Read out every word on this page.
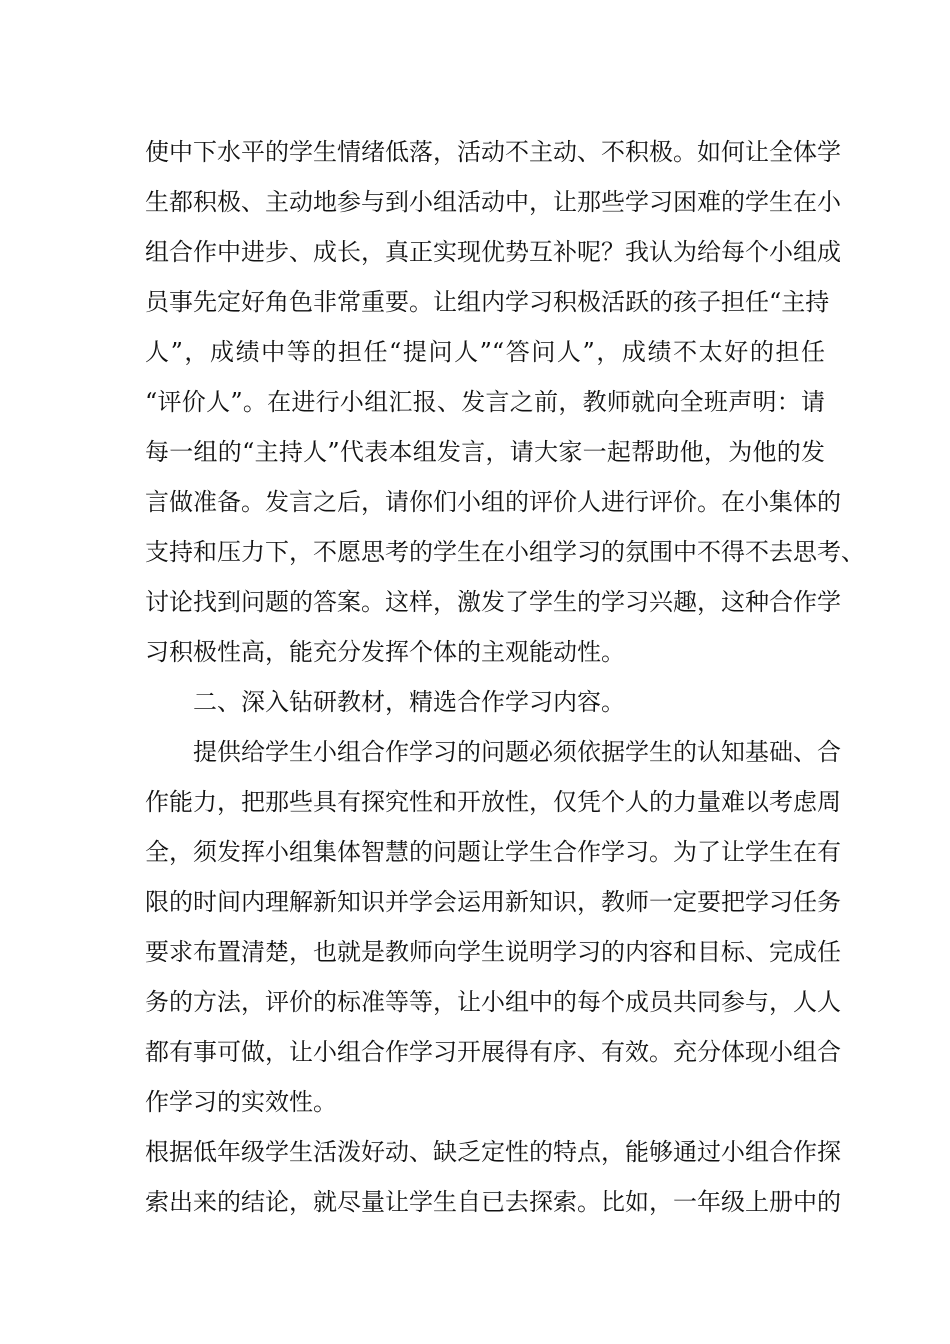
使中下水平的学生情绪低落，活动不主动、不积极。如何让全体学
生都积极、主动地参与到小组活动中，让那些学习困难的学生在小
组合作中进步、成长，真正实现优势互补呢？我认为给每个小组成
员事先定好角色非常重要。让组内学习积极活跃的孩子担任“主持
人”，成绩中等的担任“提问人”“答问人”，成绩不太好的担任
“评价人”。在进行小组汇报、发言之前，教师就向全班声明：请
每一组的“主持人”代表本组发言，请大家一起帮助他，为他的发
言做准备。发言之后，请你们小组的评价人进行评价。在小集体的
支持和压力下，不愿思考的学生在小组学习的氛围中不得不去思考、
讨论找到问题的答案。这样，激发了学生的学习兴趣，这种合作学
习积极性高，能充分发挥个体的主观能动性。
二、深入钻研教材，精选合作学习内容。
提供给学生小组合作学习的问题必须依据学生的认知基础、合
作能力，把那些具有探究性和开放性，仅凭个人的力量难以考虑周
全，须发挥小组集体智慧的问题让学生合作学习。为了让学生在有
限的时间内理解新知识并学会运用新知识，教师一定要把学习任务
要求布置清楚，也就是教师向学生说明学习的内容和目标、完成任
务的方法，评价的标准等等，让小组中的每个成员共同参与，人人
都有事可做，让小组合作学习开展得有序、有效。充分体现小组合
作学习的实效性。
根据低年级学生活泼好动、缺乏定性的特点，能够通过小组合作探
索出来的结论，就尽量让学生自已去探索。比如，一年级上册中的
